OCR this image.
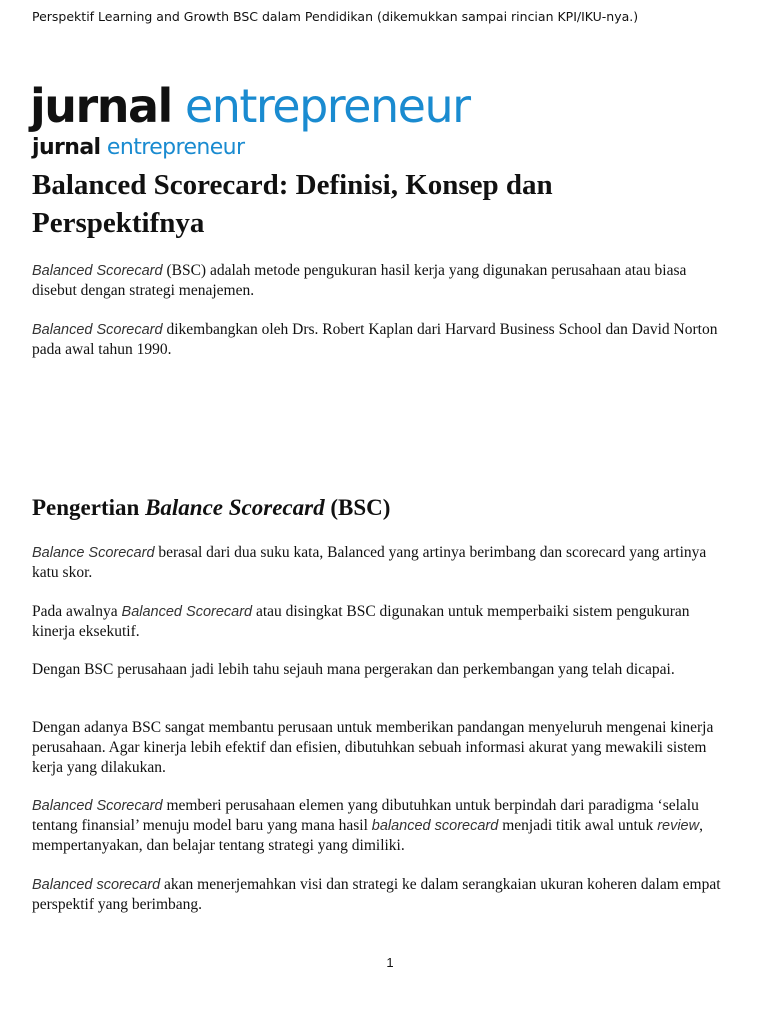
Perspektif Learning and Growth BSC dalam Pendidikan (dikemukkan sampai rincian KPI/IKU-nya.)
jurnal entrepreneur
jurnal entrepreneur
Balanced Scorecard: Definisi, Konsep dan Perspektifnya

Balanced Scorecard (BSC) adalah metode pengukuran hasil kerja yang digunakan perusahaan atau biasa disebut dengan strategi menajemen.

Balanced Scorecard dikembangkan oleh Drs. Robert Kaplan dari Harvard Business School dan David Norton pada awal tahun 1990.

Pengertian Balance Scorecard (BSC)

Balance Scorecard berasal dari dua suku kata, Balanced yang artinya berimbang dan scorecard yang artinya katu skor.

Pada awalnya Balanced Scorecard atau disingkat BSC digunakan untuk memperbaiki sistem pengukuran kinerja eksekutif.

Dengan BSC perusahaan jadi lebih tahu sejauh mana pergerakan dan perkembangan yang telah dicapai.

Dengan adanya BSC sangat membantu perusaan untuk memberikan pandangan menyeluruh mengenai kinerja perusahaan. Agar kinerja lebih efektif dan efisien, dibutuhkan sebuah informasi akurat yang mewakili sistem kerja yang dilakukan.

Balanced Scorecard memberi perusahaan elemen yang dibutuhkan untuk berpindah dari paradigma ‘selalu tentang finansial’ menuju model baru yang mana hasil balanced scorecard menjadi titik awal untuk review, mempertanyakan, dan belajar tentang strategi yang dimiliki.

Balanced scorecard akan menerjemahkan visi dan strategi ke dalam serangkaian ukuran koheren dalam empat perspektif yang berimbang.

1
